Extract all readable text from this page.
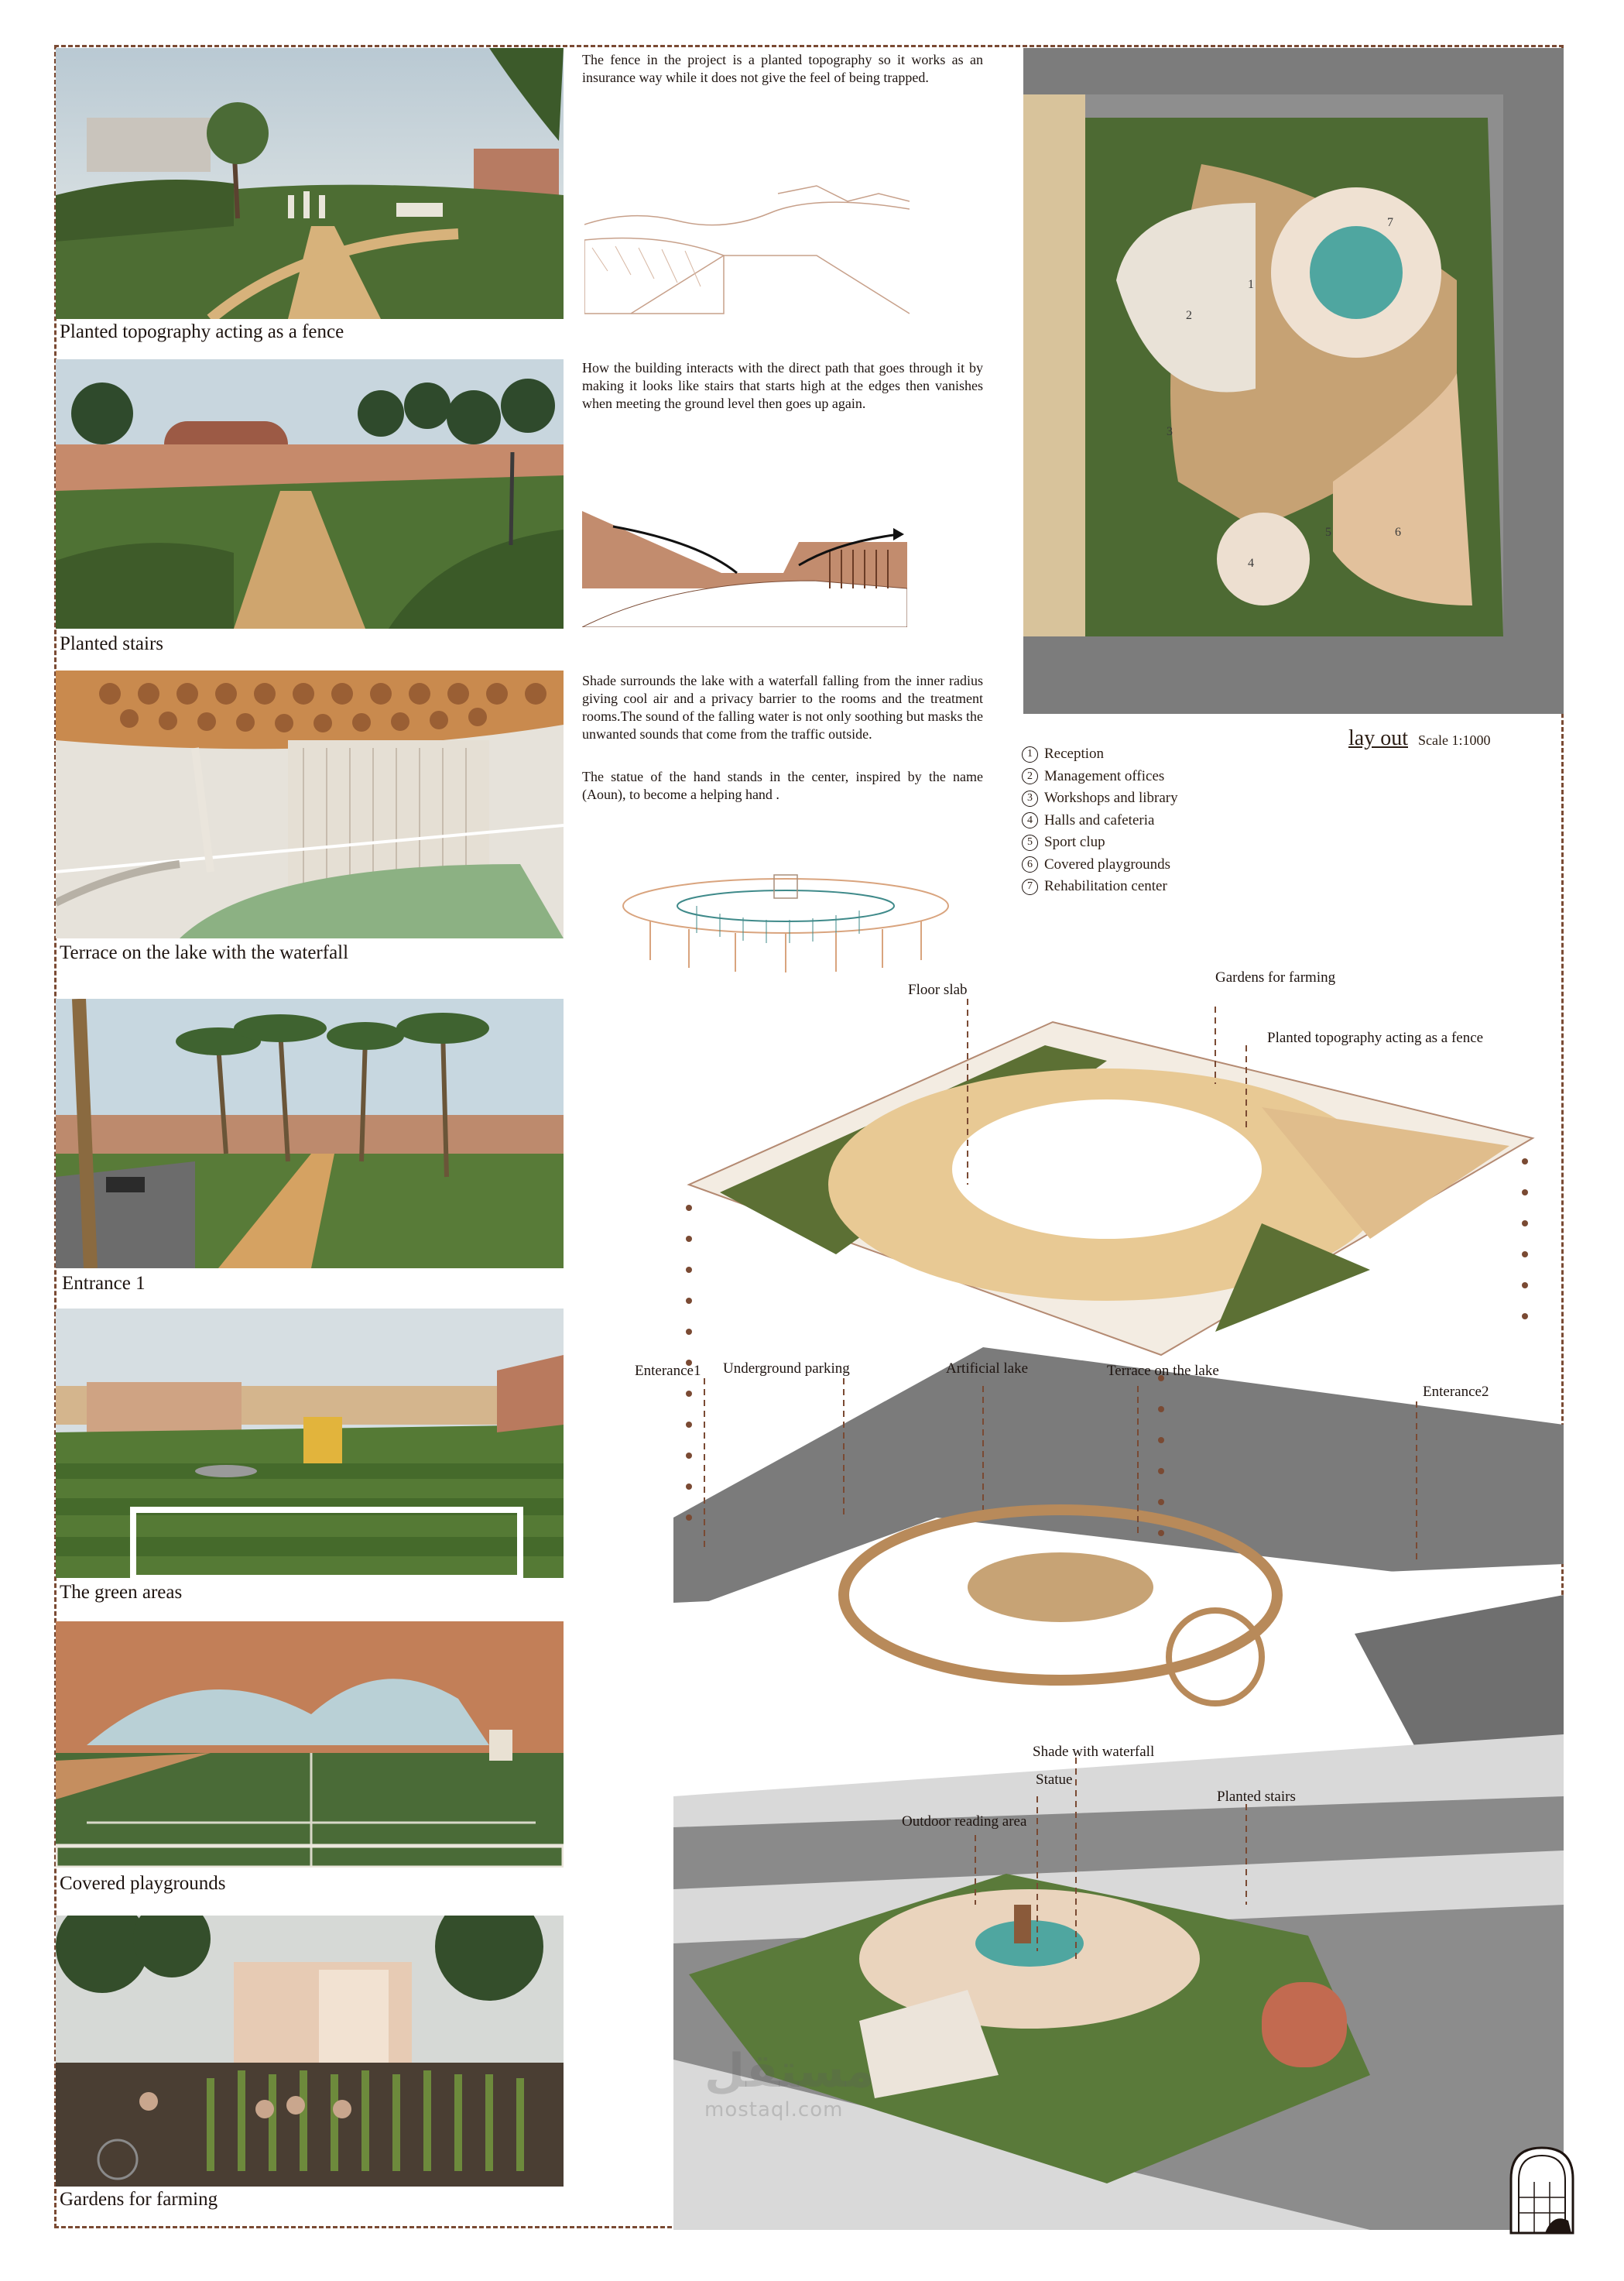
Planted topography acting as a fence
Planted stairs
Terrace on the lake with the waterfall
Entrance 1
The green areas
Covered playgrounds
Gardens for farming
The fence in the project is a planted topography so it works as an insurance way while it does not give the feel of being trapped.
How the building interacts with the direct path that goes through it by making it looks like stairs that starts high at the edges then vanishes when meeting the ground level then goes up again.
Shade surrounds the lake with a waterfall falling from the inner radius giving cool air and a privacy barrier to the rooms and the treatment rooms.The sound of the falling water is not only soothing but masks the unwanted sounds that come from the traffic outside.
The statue of the hand stands in the center, inspired by the name (Aoun), to become a helping hand .
1
2
3
4
5	6
7
lay out Scale 1:1000
1 Reception
2 Management offices
3 Workshops and library
4 Halls and cafeteria
5 Sport clup
6 Covered playgrounds
7 Rehabilitation center
Floor slab
Gardens for farming
Planted topography acting as a fence
Enterance1 Underground parking	Artificial lake	Terrace on the lake
Enterance2
Shade with waterfall
Statue
Outdoor reading area
Planted stairs
مستقل
mostaql.com
